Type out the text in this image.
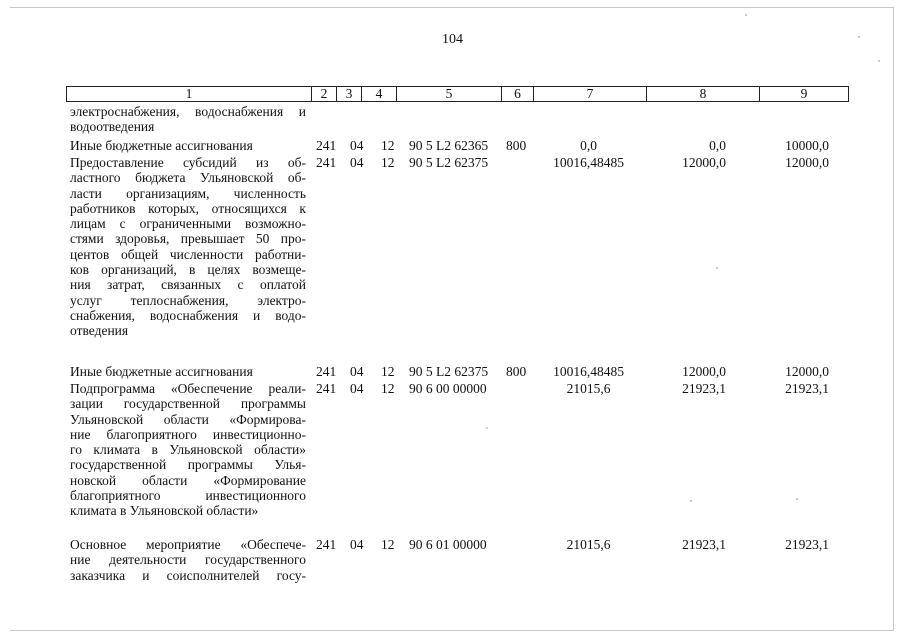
104
1	2	3	4	5	6	7	8	9
электроснабжения, водоснабжения и
водоотведения
Иные бюджетные ассигнования	241 04 12 90 5 L2 62365 800	0,0	0,0	10000,0
Предоставление субсидий из об-
ластного бюджета Ульяновской об-
ласти организациям, численность
работников которых, относящихся к
лицам с ограниченными возможно-
стями здоровья, превышает 50 про-
центов общей численности работни-
ков организаций, в целях возмеще-
ния затрат, связанных с оплатой
услуг теплоснабжения, электро-
снабжения, водоснабжения и водо-
отведения
241 04 12 90 5 L2 62375	10016,48485	12000,0	12000,0
Иные бюджетные ассигнования	241 04 12 90 5 L2 62375 800	10016,48485	12000,0	12000,0
Подпрограмма «Обеспечение реали-
зации государственной программы
Ульяновской области «Формирова-
ние благоприятного инвестиционно-
го климата в Ульяновской области»
государственной программы Улья-
новской области «Формирование
благоприятного инвестиционного
климата в Ульяновской области»
241 04 12 90 6 00 00000	21015,6	21923,1	21923,1
Основное мероприятие «Обеспече-
ние деятельности государственного
заказчика и соисполнителей госу-
241 04 12 90 6 01 00000	21015,6	21923,1	21923,1
